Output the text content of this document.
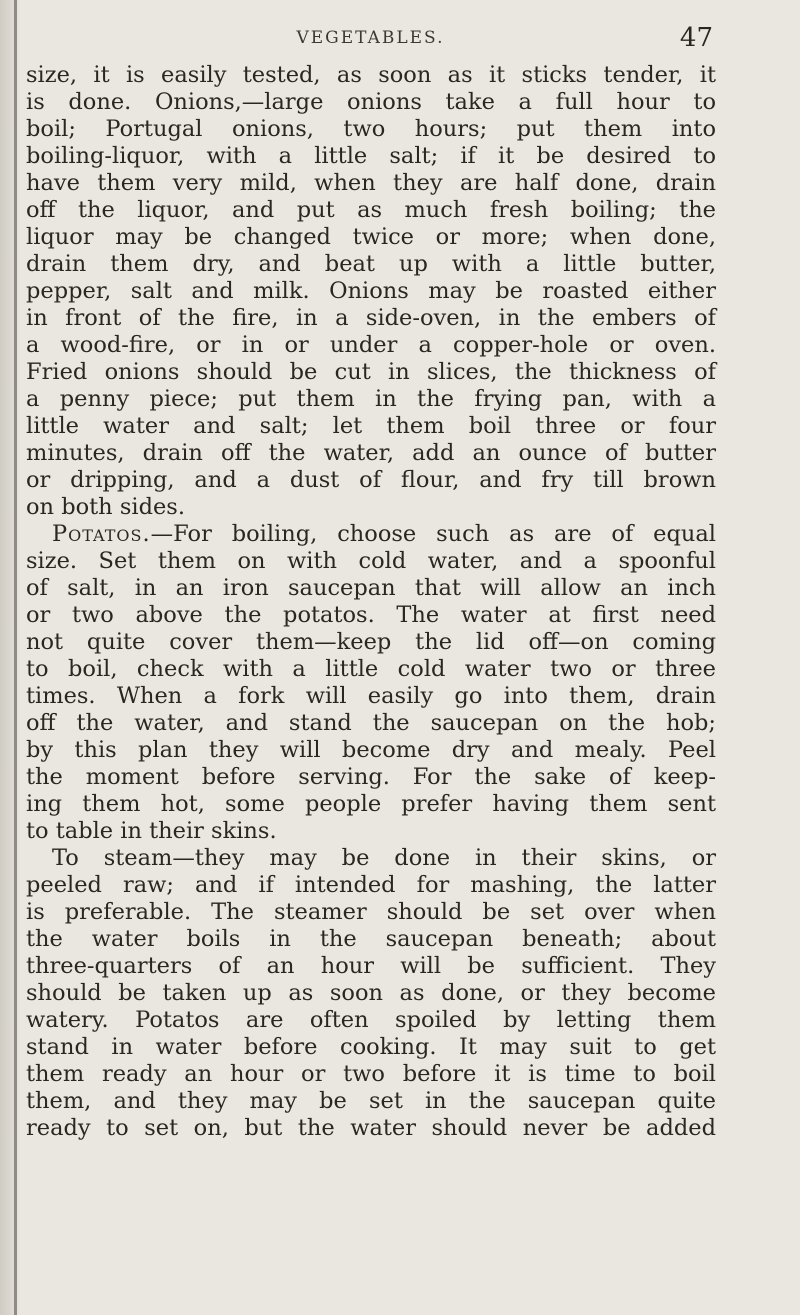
VEGETABLES.	47
size, it is easily tested, as soon as it sticks tender, it
is done. Onions,—large onions take a full hour to
boil; Portugal onions, two hours; put them into
boiling-liquor, with a little salt; if it be desired to
have them very mild, when they are half done, drain
off the liquor, and put as much fresh boiling; the
liquor may be changed twice or more; when done,
drain them dry, and beat up with a little butter,
pepper, salt and milk. Onions may be roasted either
in front of the fire, in a side-oven, in the embers of
a wood-fire, or in or under a copper-hole or oven.
Fried onions should be cut in slices, the thickness of
a penny piece; put them in the frying pan, with a
little water and salt; let them boil three or four
minutes, drain off the water, add an ounce of butter
or dripping, and a dust of flour, and fry till brown
on both sides.
Potatos.—For boiling, choose such as are of equal
size. Set them on with cold water, and a spoonful
of salt, in an iron saucepan that will allow an inch
or two above the potatos. The water at first need
not quite cover them—keep the lid off—on coming
to boil, check with a little cold water two or three
times. When a fork will easily go into them, drain
off the water, and stand the saucepan on the hob;
by this plan they will become dry and mealy. Peel
the moment before serving. For the sake of keep-
ing them hot, some people prefer having them sent
to table in their skins.
To steam—they may be done in their skins, or
peeled raw; and if intended for mashing, the latter
is preferable. The steamer should be set over when
the water boils in the saucepan beneath; about
three-quarters of an hour will be sufficient. They
should be taken up as soon as done, or they become
watery. Potatos are often spoiled by letting them
stand in water before cooking. It may suit to get
them ready an hour or two before it is time to boil
them, and they may be set in the saucepan quite
ready to set on, but the water should never be added
